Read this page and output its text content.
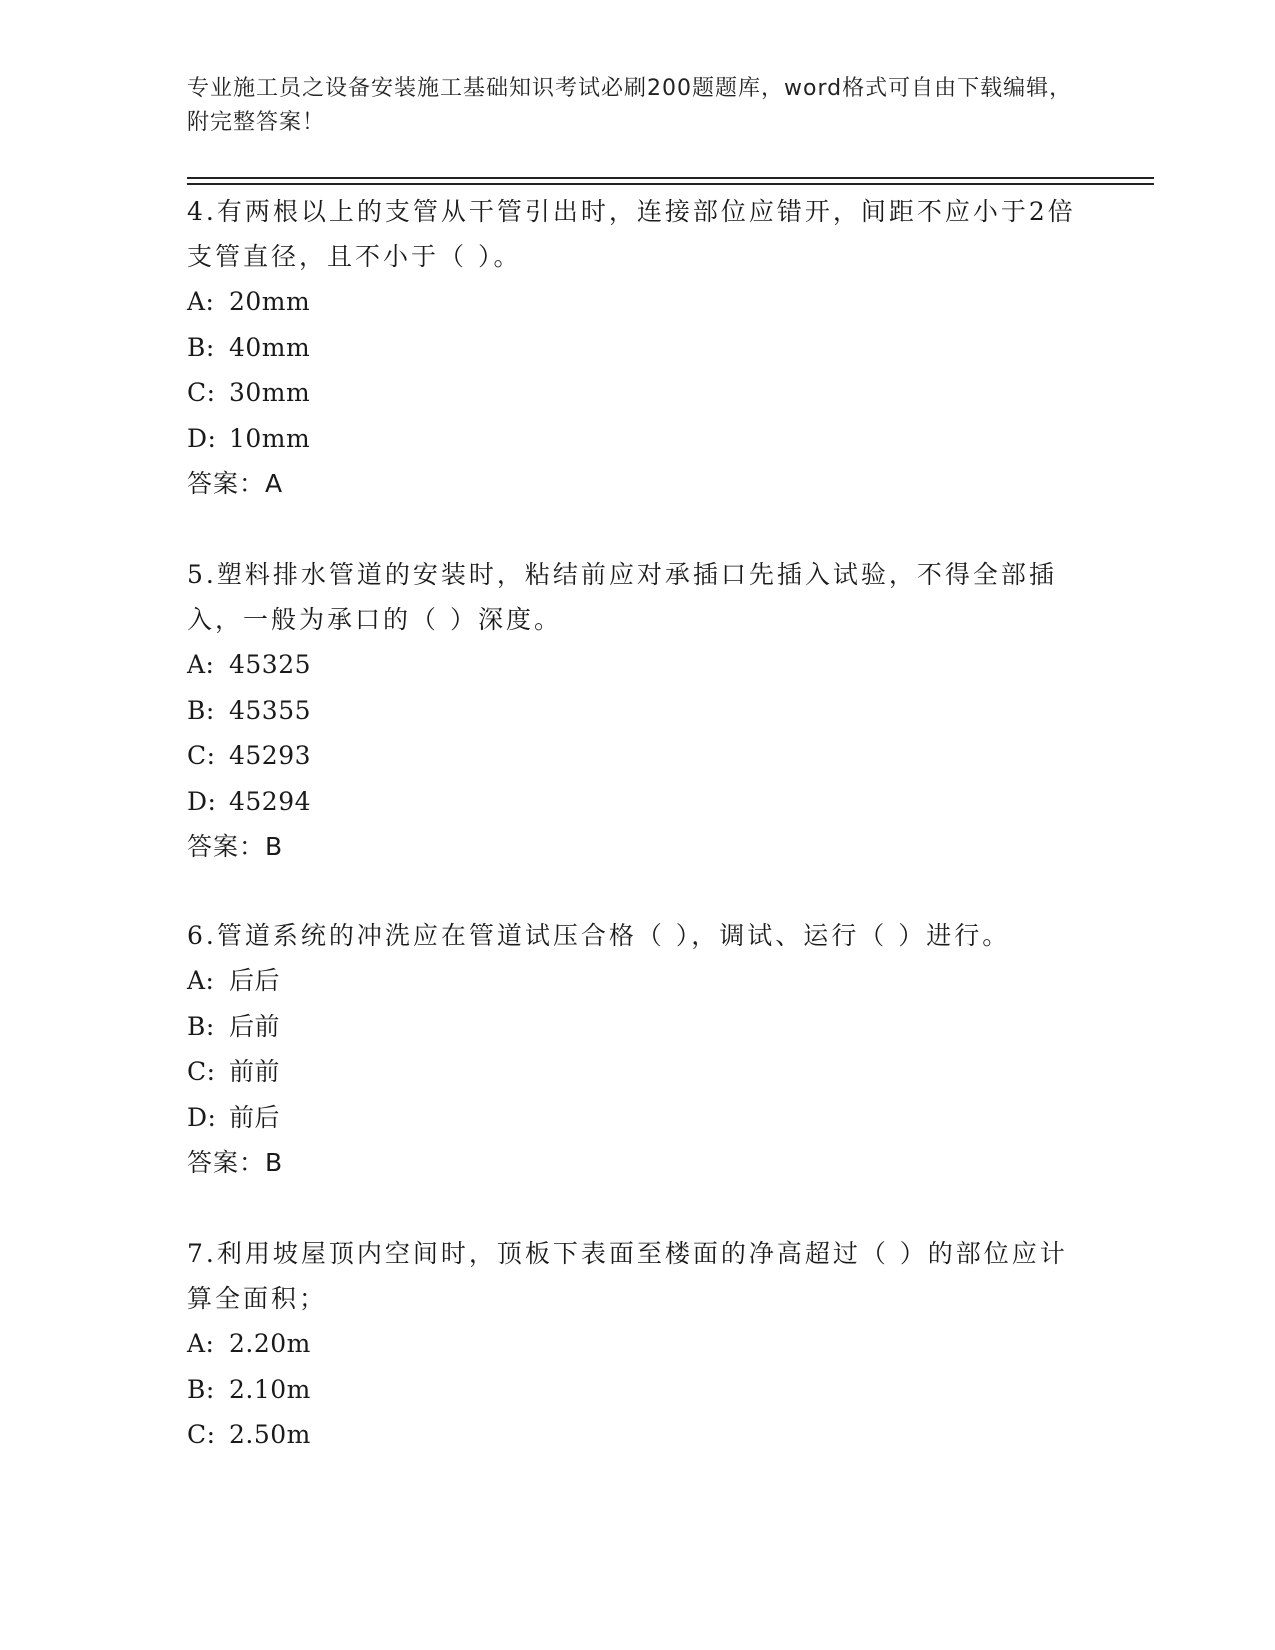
专业施工员之设备安装施工基础知识考试必刷200题题库，word格式可自由下载编辑，附完整答案！

4.有两根以上的支管从干管引出时，连接部位应错开，间距不应小于2倍支管直径，且不小于（ ）。

A: 20mm

B: 40mm

C: 30mm

D: 10mm

答案：A

5.塑料排水管道的安装时，粘结前应对承插口先插入试验，不得全部插入，一般为承口的（ ）深度。

A: 45325

B: 45355

C: 45293

D: 45294

答案：B

6.管道系统的冲洗应在管道试压合格（ ），调试、运行（ ）进行。

A: 后后

B: 后前

C: 前前

D: 前后

答案：B

7.利用坡屋顶内空间时，顶板下表面至楼面的净高超过（ ）的部位应计算全面积；

A: 2.20m

B: 2.10m

C: 2.50m
